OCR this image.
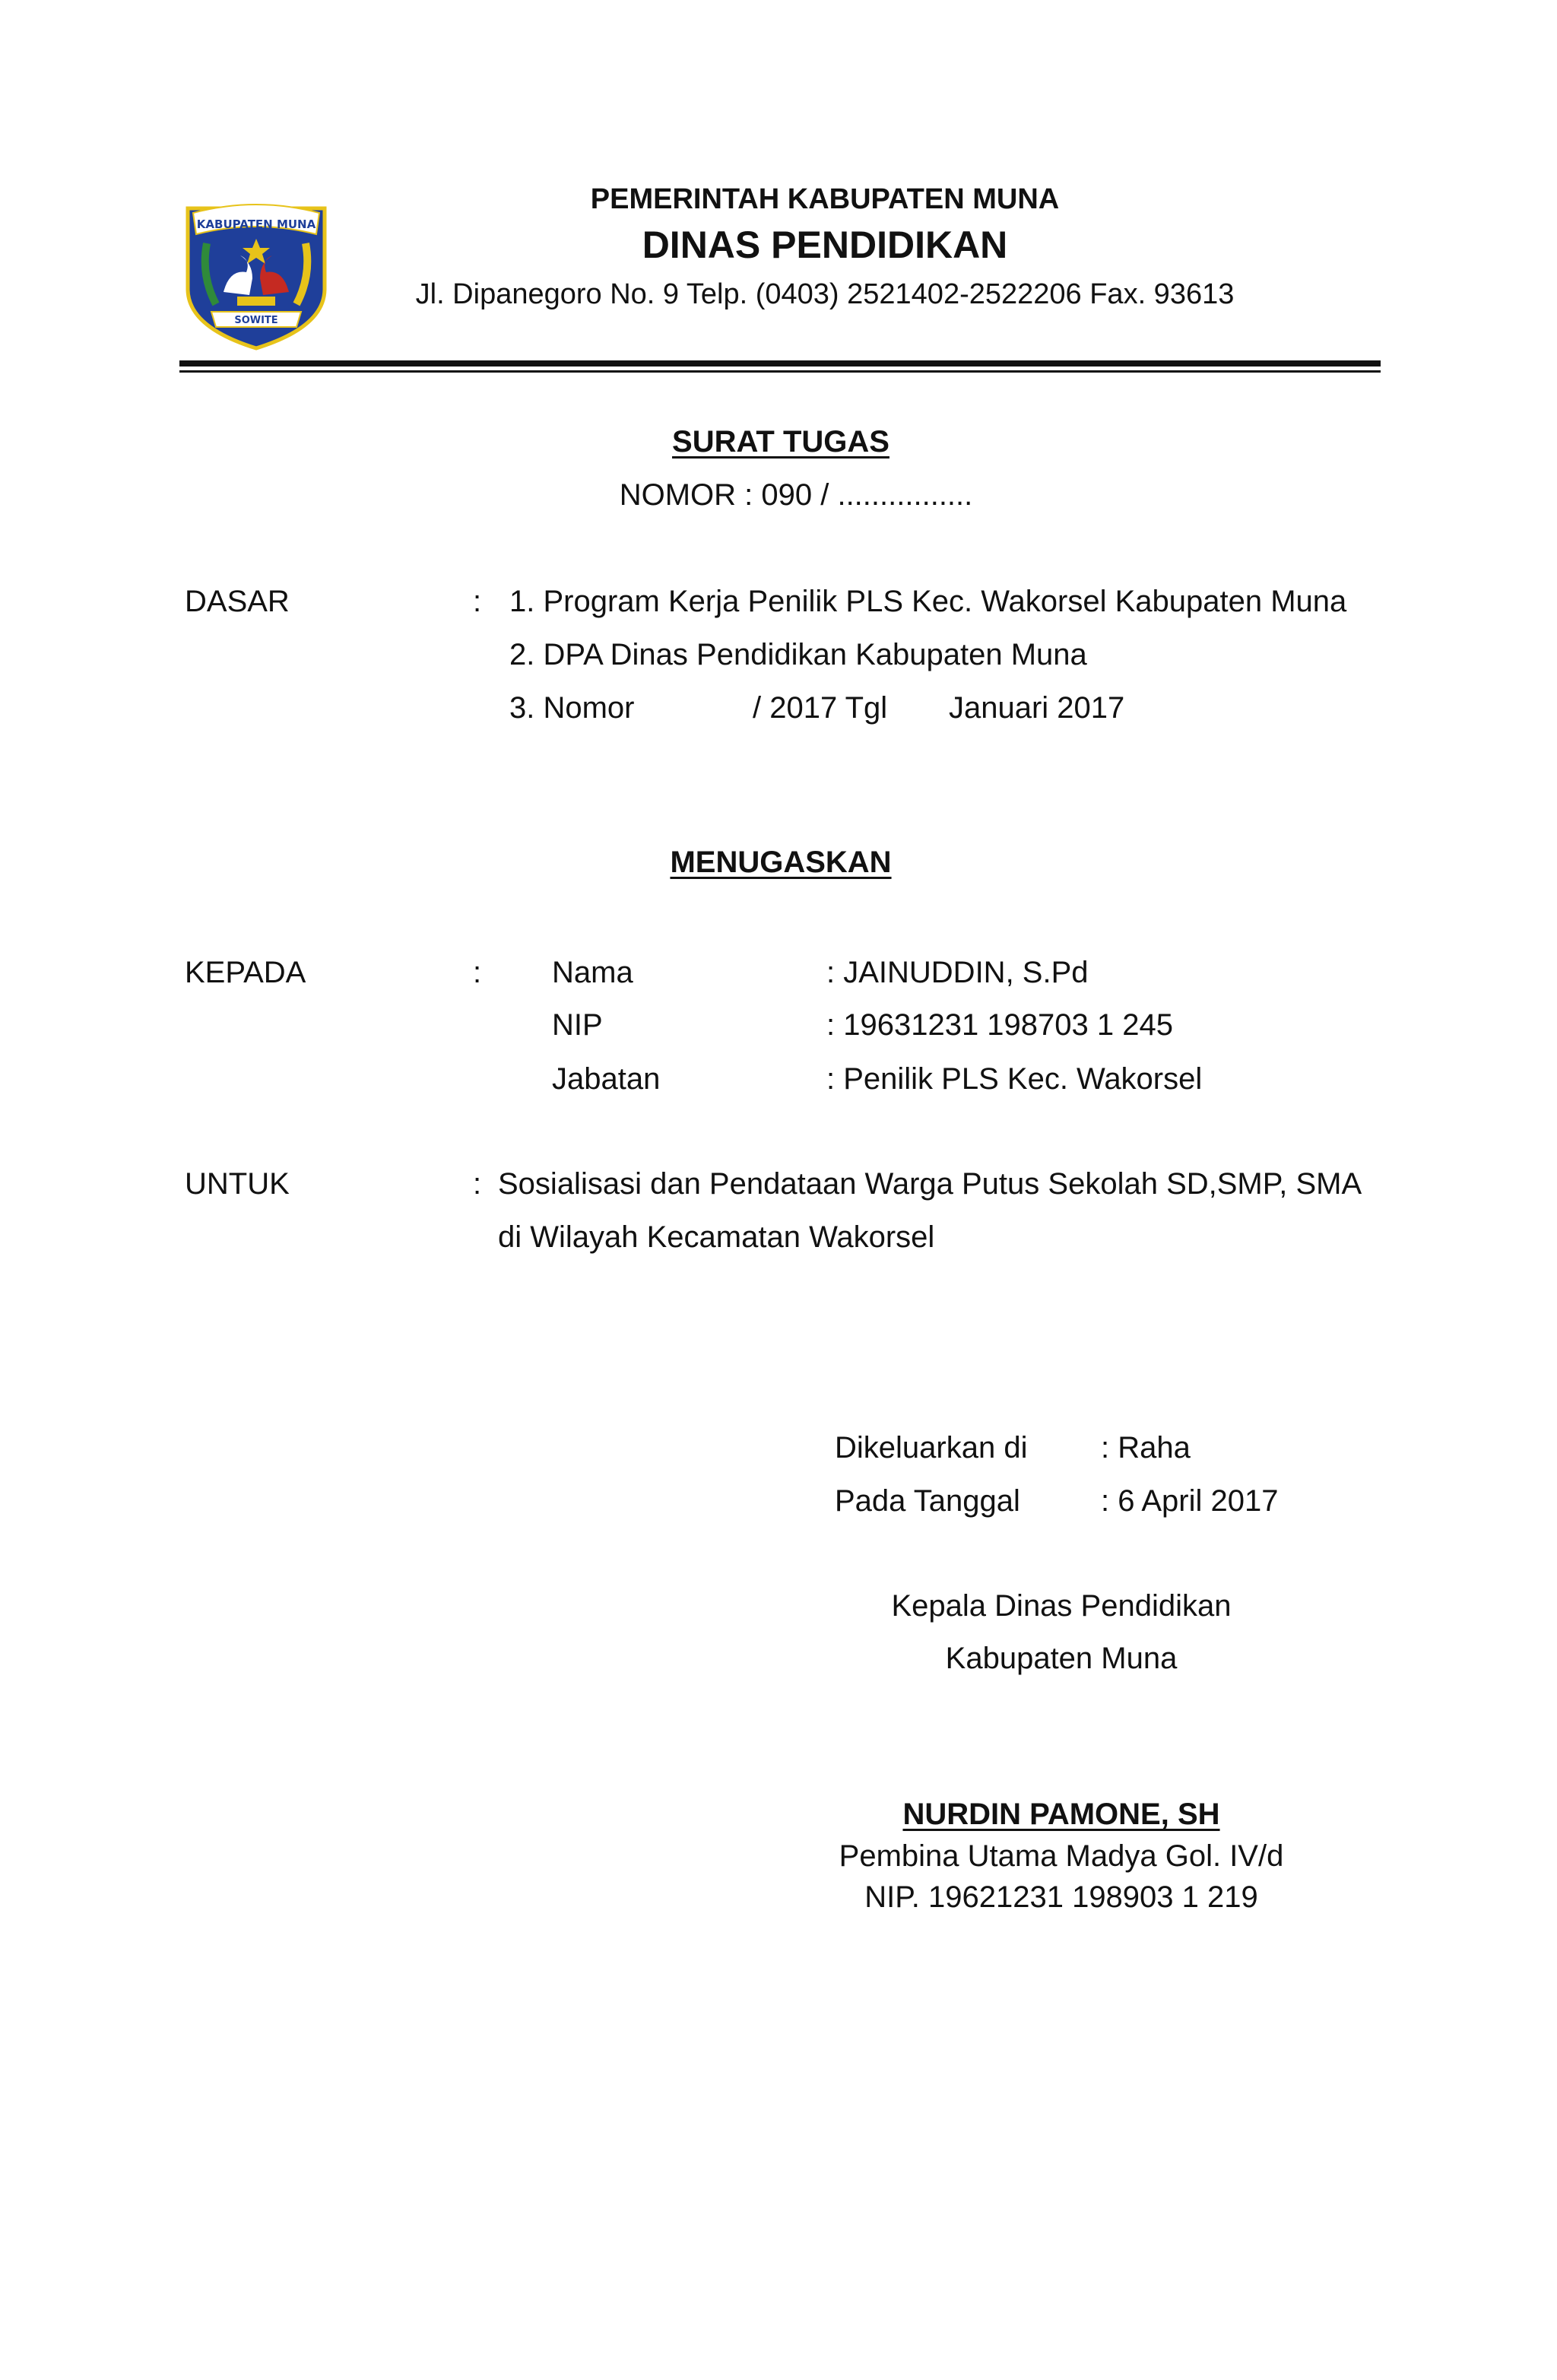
KABUPATEN MUNA
SOWITE
PEMERINTAH KABUPATEN MUNA
DINAS PENDIDIKAN
Jl. Dipanegoro No. 9 Telp. (0403) 2521402-2522206 Fax. 93613
SURAT TUGAS
NOMOR : 090 / ................
DASAR	: 1. Program Kerja Penilik PLS Kec. Wakorsel Kabupaten Muna
2. DPA Dinas Pendidikan Kabupaten Muna
3. Nomor	/ 2017 Tgl Januari 2017
MENUGASKAN
KEPADA	: Nama	: JAINUDDIN, S.Pd
NIP	: 19631231 198703 1 245
Jabatan	: Penilik PLS Kec. Wakorsel
UNTUK	: Sosialisasi dan Pendataan Warga Putus Sekolah SD,SMP, SMA
di Wilayah Kecamatan Wakorsel
Dikeluarkan di : Raha
Pada Tanggal	: 6 April 2017
Kepala Dinas Pendidikan
Kabupaten Muna
NURDIN PAMONE, SH
Pembina Utama Madya Gol. IV/d
NIP. 19621231 198903 1 219
